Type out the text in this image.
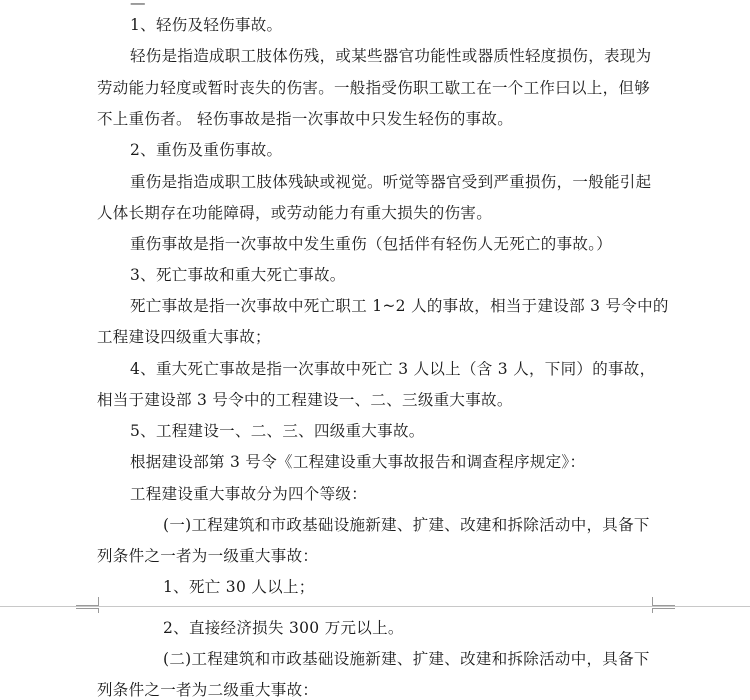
—
1、轻伤及轻伤事故。
轻伤是指造成职工肢体伤残，或某些器官功能性或器质性轻度损伤，表现为
劳动能力轻度或暂时丧失的伤害。一般指受伤职工歇工在一个工作曰以上，但够
不上重伤者。 轻伤事故是指一次事故中只发生轻伤的事故。
2、重伤及重伤事故。
重伤是指造成职工肢体残缺或视觉。听觉等器官受到严重损伤，一般能引起
人体长期存在功能障碍，或劳动能力有重大损失的伤害。
重伤事故是指一次事故中发生重伤（包括伴有轻伤人无死亡的事故。）
3、死亡事故和重大死亡事故。
死亡事故是指一次事故中死亡职工 1~2 人的事故，相当于建设部 3 号令中的
工程建设四级重大事故；
4、重大死亡事故是指一次事故中死亡 3 人以上（含 3 人，下同）的事故，
相当于建设部 3 号令中的工程建设一、二、三级重大事故。
5、工程建设一、二、三、四级重大事故。
根据建设部第 3 号令《工程建设重大事故报告和调查程序规定》：
工程建设重大事故分为四个等级：
(一)工程建筑和市政基础设施新建、扩建、改建和拆除活动中，具备下
列条件之一者为一级重大事故：
1、死亡 30 人以上；
2、直接经济损失 300 万元以上。
(二)工程建筑和市政基础设施新建、扩建、改建和拆除活动中，具备下
列条件之一者为二级重大事故：
